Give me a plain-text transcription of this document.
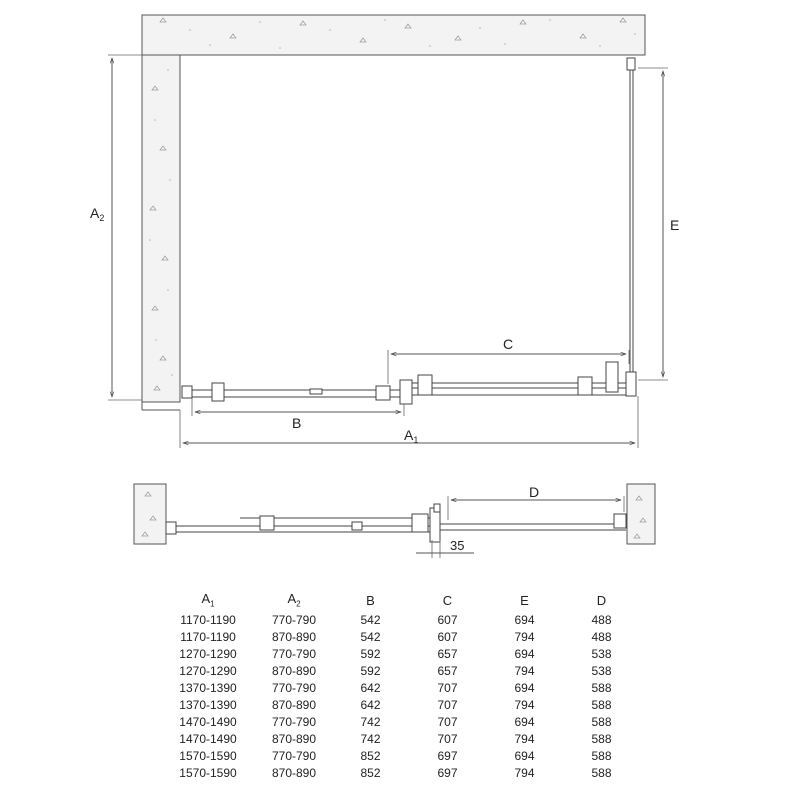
$A_2$	E
C
B
$A_1$
D
35
$A_1$	$A_2$	B	C	E	D
1170-1190	770-790	542	607	694	488
1170-1190	870-890	542	607	794	488
1270-1290	770-790	592	657	694	538
1270-1290	870-890	592	657	794	538
1370-1390	770-790	642	707	694	588
1370-1390	870-890	642	707	794	588
1470-1490	770-790	742	707	694	588
1470-1490	870-890	742	707	794	588
1570-1590	770-790	852	697	694	588
1570-1590	870-890	852	697	794	588
